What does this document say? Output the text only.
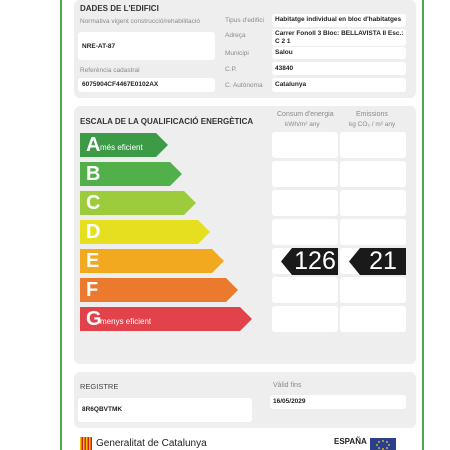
DADES DE L'EDIFICI
Normativa vigent construcció/rehabilitació
NRE-AT-87
Referència cadastral
6075904CF4467E0102AX
Tipus d'edifici Habitatge individual en bloc d'habitatges
Adreça	Carrer Fonoll 3 Bloc: BELLAVISTA II Esc.:
C 2 1
Municipi	Salou
C.P.	43840
C. Autònoma Catalunya
ESCALA DE LA QUALIFICACIÓ ENERGÈTICA
Consum d'energia
kWh/m² any
Emissions
kg CO₂ / m² any
A més eficient
B
C
D
E
F
G
menys eficient
126	21
REGISTRE
8R6QBVTMK
Vàlid fins
16/05/2029
Generalitat de Catalunya	ESPAÑA
